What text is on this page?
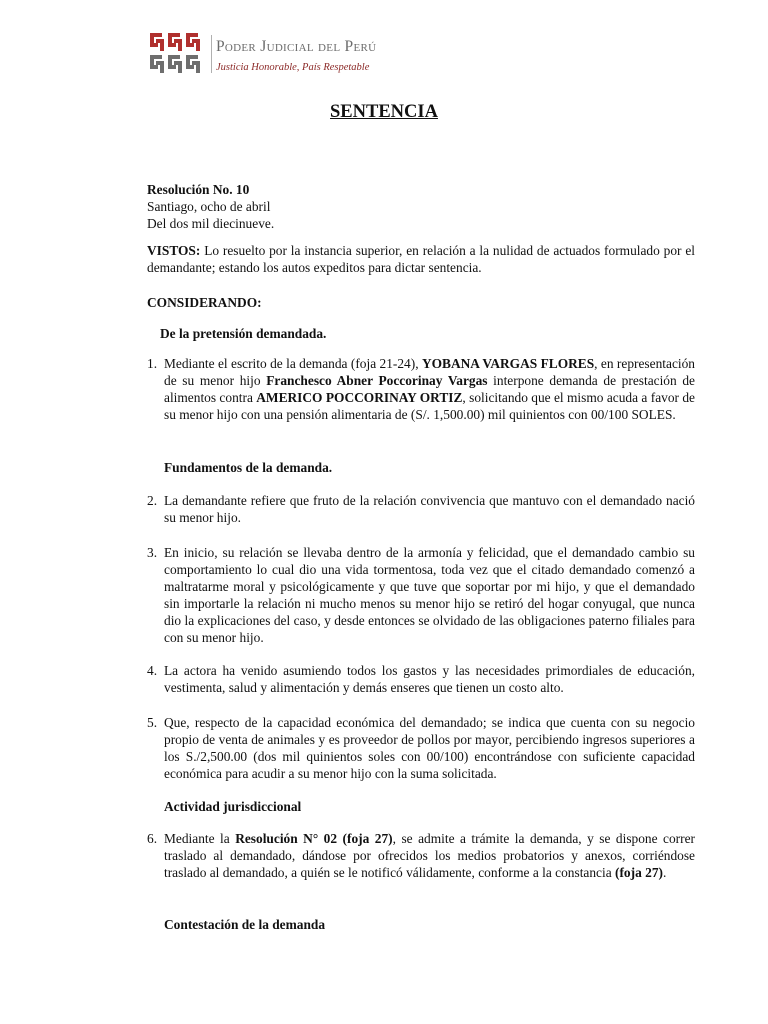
Poder Judicial del Perú
Justicia Honorable, País Respetable
SENTENCIA
Resolución No. 10
Santiago, ocho de abril
Del dos mil diecinueve.
VISTOS: Lo resuelto por la instancia superior, en relación a la nulidad de actuados formulado por el demandante; estando los autos expeditos para dictar sentencia.
CONSIDERANDO:
De la pretensión demandada.
1. Mediante el escrito de la demanda (foja 21-24), YOBANA VARGAS FLORES, en representación de su menor hijo Franchesco Abner Poccorinay Vargas interpone demanda de prestación de alimentos contra AMERICO POCCORINAY ORTIZ, solicitando que el mismo acuda a favor de su menor hijo con una pensión alimentaria de (S/. 1,500.00) mil quinientos con 00/100 SOLES.
Fundamentos de la demanda.
2. La demandante refiere que fruto de la relación convivencia que mantuvo con el demandado nació su menor hijo.
3. En inicio, su relación se llevaba dentro de la armonía y felicidad, que el demandado cambio su comportamiento lo cual dio una vida tormentosa, toda vez que el citado demandado comenzó a maltratarme moral y psicológicamente y que tuve que soportar por mi hijo, y que el demandado sin importarle la relación ni mucho menos su menor hijo se retiró del hogar conyugal, que nunca dio la explicaciones del caso, y desde entonces se olvidado de las obligaciones paterno filiales para con su menor hijo.
4. La actora ha venido asumiendo todos los gastos y las necesidades primordiales de educación, vestimenta, salud y alimentación y demás enseres que tienen un costo alto.
5. Que, respecto de la capacidad económica del demandado; se indica que cuenta con su negocio propio de venta de animales y es proveedor de pollos por mayor, percibiendo ingresos superiores a los S./2,500.00 (dos mil quinientos soles con 00/100) encontrándose con suficiente capacidad económica para acudir a su menor hijo con la suma solicitada.
Actividad jurisdiccional
6. Mediante la Resolución N° 02 (foja 27), se admite a trámite la demanda, y se dispone correr traslado al demandado, dándose por ofrecidos los medios probatorios y anexos, corriéndose traslado al demandado, a quién se le notificó válidamente, conforme a la constancia (foja 27).
Contestación de la demanda
